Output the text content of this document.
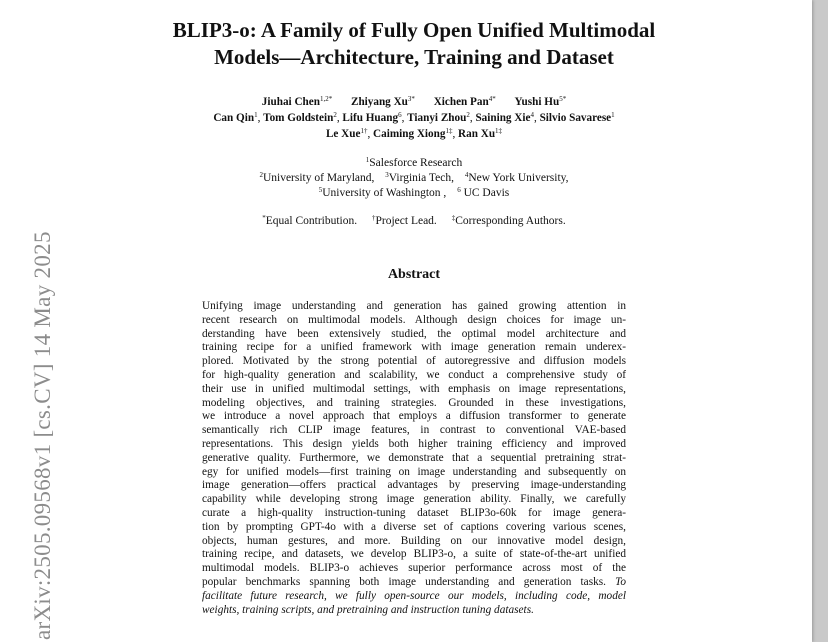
arXiv:2505.09568v1 [cs.CV] 14 May 2025
BLIP3-o: A Family of Fully Open Unified Multimodal
Models—Architecture, Training and Dataset
Jiuhai Chen$^{1,2*}$ Zhiyang $Xu^{3*}$ Xichen Pan$^{4*}$ Yushi $Hu^{5*}$
Can Qin$^1$, Tom Goldstein$^2$, Lifu Huang$^6$, Tianyi Zhou$^2$, Saining Xie$^4$, Silvio Savarese$^1$
Le Xue$^{1\dagger}$, Caiming Xiong$^{1\ddagger}$, Ran $Xu^{1\ddagger}$
$^1$Salesforce Research
$^2$University of Maryland, $^3$Virginia Tech, $^4$New York University,
$^5$University of Washington , $^6$ UC Davis
*Equal Contribution. †Project Lead. ‡Corresponding Authors.
Abstract
Unifying image understanding and generation has gained growing attention in
recent research on multimodal models. Although design choices for image un-
derstanding have been extensively studied, the optimal model architecture and
training recipe for a unified framework with image generation remain underex-
plored. Motivated by the strong potential of autoregressive and diffusion models
for high-quality generation and scalability, we conduct a comprehensive study of
their use in unified multimodal settings, with emphasis on image representations,
modeling objectives, and training strategies. Grounded in these investigations,
we introduce a novel approach that employs a diffusion transformer to generate
semantically rich CLIP image features, in contrast to conventional VAE-based
representations. This design yields both higher training efficiency and improved
generative quality. Furthermore, we demonstrate that a sequential pretraining strat-
egy for unified models—first training on image understanding and subsequently on
image generation—offers practical advantages by preserving image-understanding
capability while developing strong image generation ability. Finally, we carefully
curate a high-quality instruction-tuning dataset BLIP3o-60k for image genera-
tion by prompting GPT-4o with a diverse set of captions covering various scenes,
objects, human gestures, and more. Building on our innovative model design,
training recipe, and datasets, we develop BLIP3-o, a suite of state-of-the-art unified
multimodal models. BLIP3-o achieves superior performance across most of the
popular benchmarks spanning both image understanding and generation tasks. To
facilitate future research, we fully open-source our models, including code, model
weights, training scripts, and pretraining and instruction tuning datasets.
